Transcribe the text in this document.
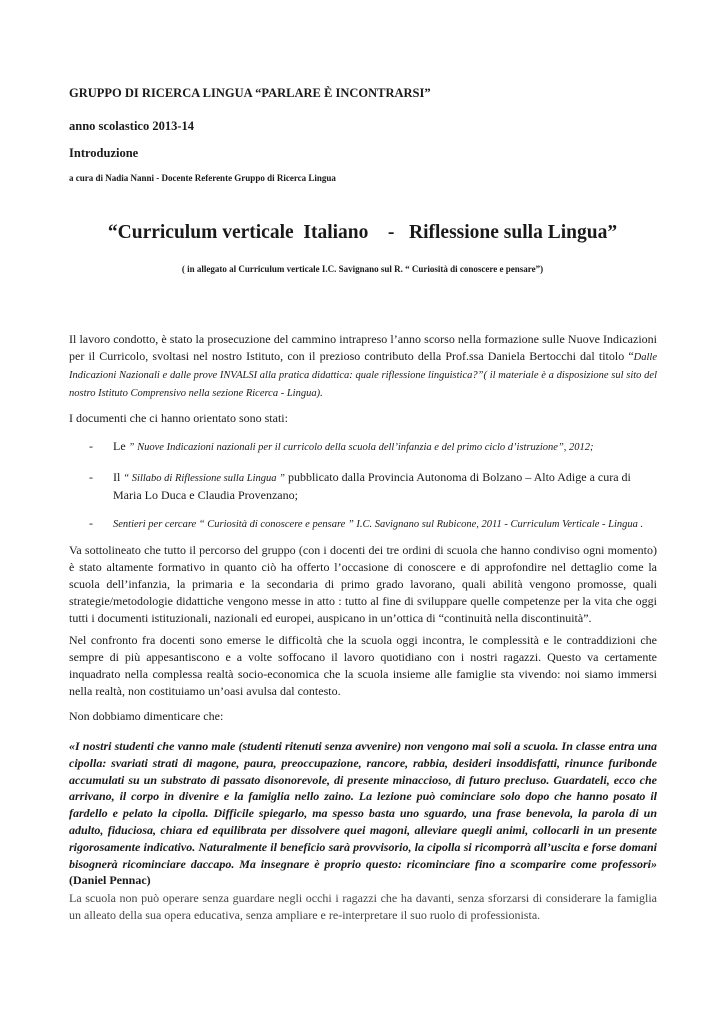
GRUPPO DI RICERCA LINGUA “PARLARE È INCONTRARSI”

anno scolastico 2013-14

Introduzione

a cura di Nadia Nanni - Docente Referente Gruppo di Ricerca Lingua

“Curriculum verticale  Italiano    -   Riflessione sulla Lingua”

( in allegato al Curriculum verticale I.C. Savignano sul R. “ Curiosità di conoscere e pensare”)

Il lavoro condotto, è stato la prosecuzione del cammino intrapreso l’anno scorso nella formazione sulle Nuove Indicazioni per il Curricolo, svoltasi nel nostro Istituto, con il prezioso contributo della Prof.ssa Daniela Bertocchi dal titolo “Dalle Indicazioni Nazionali e dalle prove INVALSI alla pratica didattica: quale riflessione linguistica?”( il materiale è a disposizione sul sito del nostro Istituto Comprensivo nella sezione Ricerca - Lingua).

I documenti che ci hanno orientato sono stati:

- Le ” Nuove Indicazioni nazionali per il curricolo della scuola dell’infanzia e del primo ciclo d’istruzione”, 2012;
- Il “ Sillabo di Riflessione sulla Lingua ” pubblicato dalla Provincia Autonoma di Bolzano – Alto Adige a cura di Maria Lo Duca e Claudia Provenzano;
- Sentieri per cercare “ Curiosità di conoscere e pensare ” I.C. Savignano sul Rubicone, 2011 - Curriculum Verticale - Lingua .

Va sottolineato che tutto il percorso del gruppo (con i docenti dei tre ordini di scuola che hanno condiviso ogni momento) è stato altamente formativo in quanto ciò ha offerto l’occasione di conoscere e di approfondire nel dettaglio come la scuola dell’infanzia, la primaria e la secondaria di primo grado lavorano, quali abilità vengono promosse, quali strategie/metodologie didattiche vengono messe in atto : tutto al fine di sviluppare quelle competenze per la vita che oggi tutti i documenti istituzionali, nazionali ed europei, auspicano in un’ottica di “continuità nella discontinuità”.

Nel confronto fra docenti sono emerse le difficoltà che la scuola oggi incontra, le complessità e le contraddizioni che sempre di più appesantiscono e a volte soffocano il lavoro quotidiano con i nostri ragazzi. Questo va certamente inquadrato nella complessa realtà socio-economica che la scuola insieme alle famiglie sta vivendo: noi siamo immersi nella realtà, non costituiamo un’oasi avulsa dal contesto.

Non dobbiamo dimenticare che:

«I nostri studenti che vanno male (studenti ritenuti senza avvenire) non vengono mai soli a scuola. In classe entra una cipolla: svariati strati di magone, paura, preoccupazione, rancore, rabbia, desideri insoddisfatti, rinunce furibonde accumulati su un substrato di passato disonorevole, di presente minaccioso, di futuro precluso. Guardateli, ecco che arrivano, il corpo in divenire e la famiglia nello zaino. La lezione può cominciare solo dopo che hanno posato il fardello e pelato la cipolla. Difficile spiegarlo, ma spesso basta uno sguardo, una frase benevola, la parola di un adulto, fiduciosa, chiara ed equilibrata per dissolvere quei magoni, alleviare quegli animi, collocarli in un presente rigorosamente indicativo. Naturalmente il beneficio sarà provvisorio, la cipolla si ricomporrà all’uscita e forse domani bisognerà ricominciare daccapo. Ma insegnare è proprio questo: ricominciare fino a scomparire come professori» (Daniel Pennac)

La scuola non può operare senza guardare negli occhi i ragazzi che ha davanti, senza sforzarsi di considerare la famiglia un alleato della sua opera educativa, senza ampliare e re-interpretare il suo ruolo di professionista.
